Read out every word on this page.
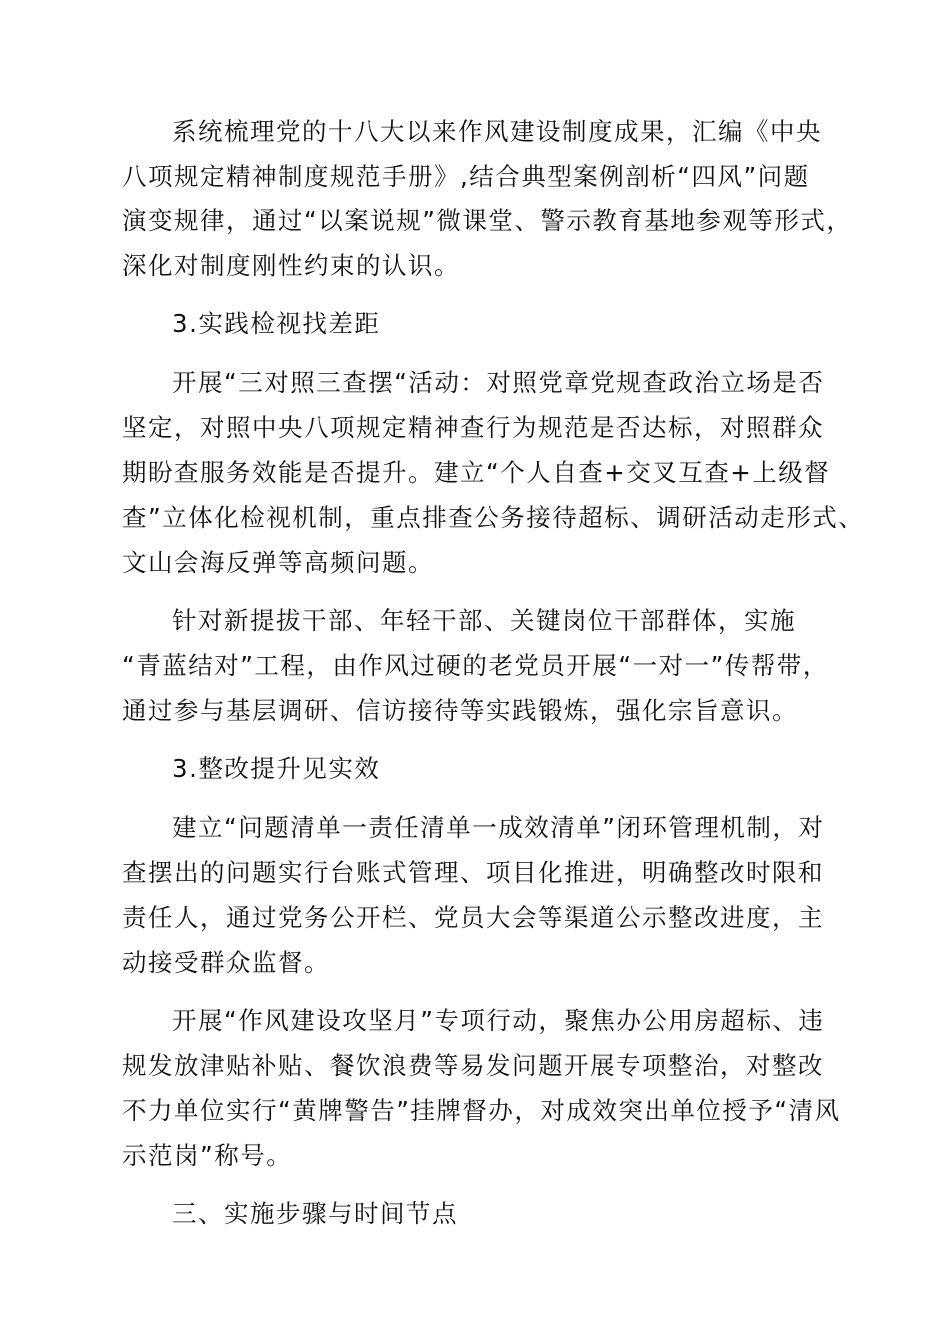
系统梳理党的十八大以来作风建设制度成果，汇编《中央

八项规定精神制度规范手册》,结合典型案例剖析“四风”问题

演变规律，通过“以案说规”微课堂、警示教育基地参观等形式，

深化对制度刚性约束的认识。

3.实践检视找差距

开展“三对照三查摆“活动：对照党章党规查政治立场是否

坚定，对照中央八项规定精神查行为规范是否达标，对照群众

期盼查服务效能是否提升。建立“个人自查+交叉互查+上级督

查”立体化检视机制，重点排查公务接待超标、调研活动走形式、

文山会海反弹等高频问题。

针对新提拔干部、年轻干部、关键岗位干部群体，实施

“青蓝结对”工程，由作风过硬的老党员开展“一对一”传帮带，

通过参与基层调研、信访接待等实践锻炼，强化宗旨意识。

3.整改提升见实效

建立“问题清单一责任清单一成效清单”闭环管理机制，对

查摆出的问题实行台账式管理、项目化推进，明确整改时限和

责任人，通过党务公开栏、党员大会等渠道公示整改进度，主

动接受群众监督。

开展“作风建设攻坚月”专项行动，聚焦办公用房超标、违

规发放津贴补贴、餐饮浪费等易发问题开展专项整治，对整改

不力单位实行“黄牌警告”挂牌督办，对成效突出单位授予“清风

示范岗”称号。

三、实施步骤与时间节点
